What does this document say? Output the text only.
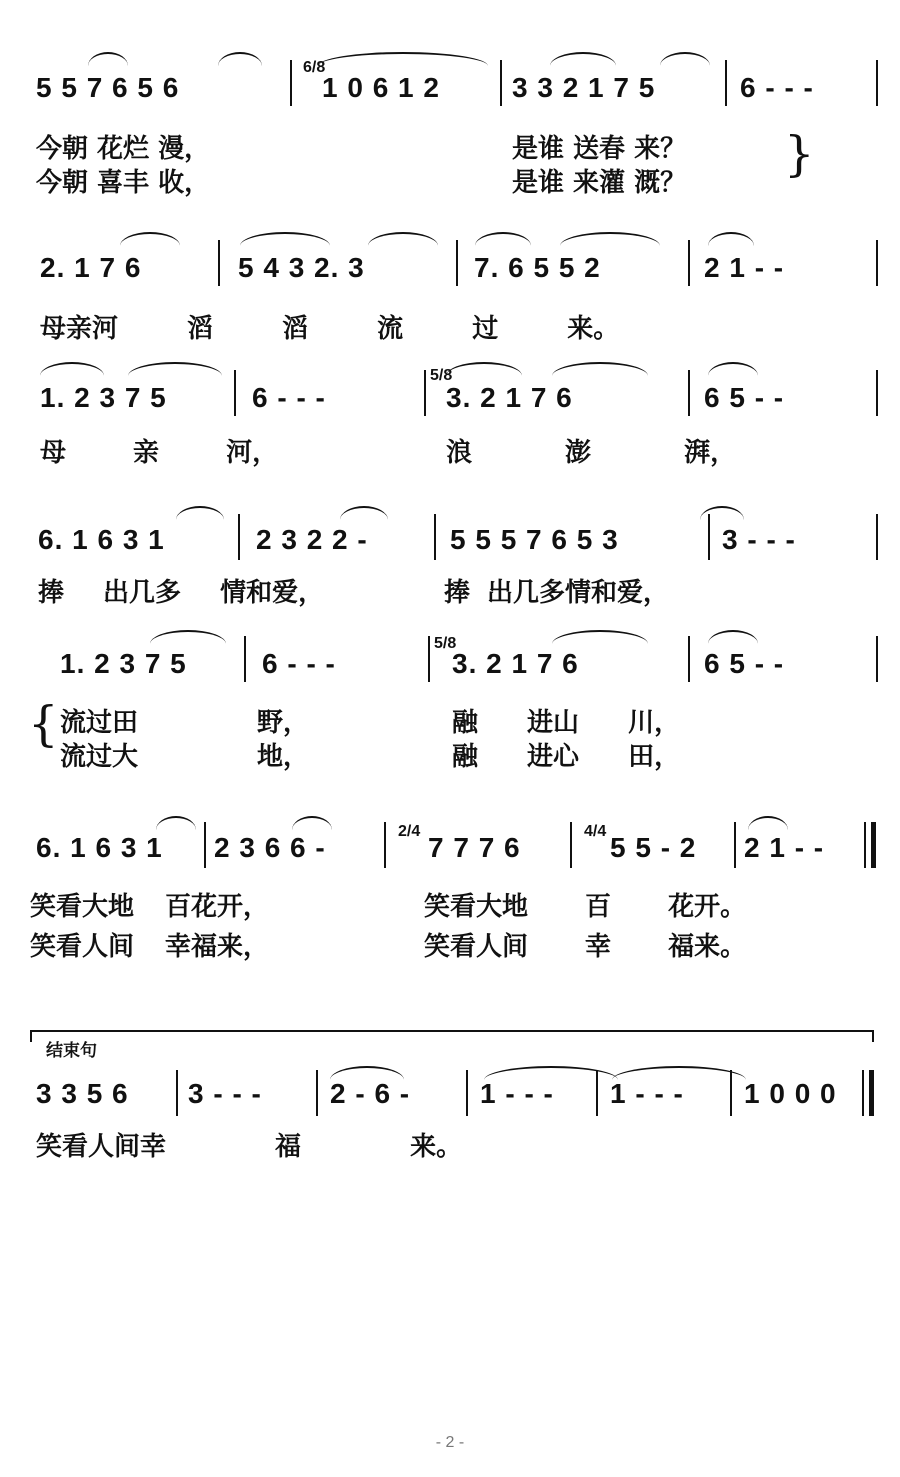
6/8
5 5 7 6 5 6	1 0 6 1 2	3 3 2 1 7 5	6 - - -
今朝 花烂 漫，	是谁 送春 来？
今朝 喜丰 收，	是谁 来灌 溉？
}
2. 1 7 6	5 4 3 2. 3	7. 6 5 5 2	2 1 - -
母亲河 滔 滔 流 过 来。
5/8
1. 2 3 7 5	6 - - -	3. 2 1 7 6	6 5 - -
母 亲 河，	浪 澎 湃，
6. 1 6 3 1	2 3 2 2 -	5 5 5 7 6 5 3	3 - - -
捧 出几多 情和爱，	捧 出几多情和爱，
5/8
1. 2 3 7 5	6 - - -	3. 2 1 7 6	6 5 - -
{ 流过田 野，	融 进山 川，
流过大 地，	融 进心 田，
2/4	4/4
6. 1 6 3 1 2 3 6 6 -	7 7 7 6	5 5 - 2 2 1 - -
笑看大地 百花开，	笑看大地 百 花开。
笑看人间 幸福来，	笑看人间 幸 福来。
结束句
3 3 5 6 3 - - - 2 - 6 - 1 - - - 1 - - - 1 0 0 0
笑看人间幸 福 来。
- 2 -
